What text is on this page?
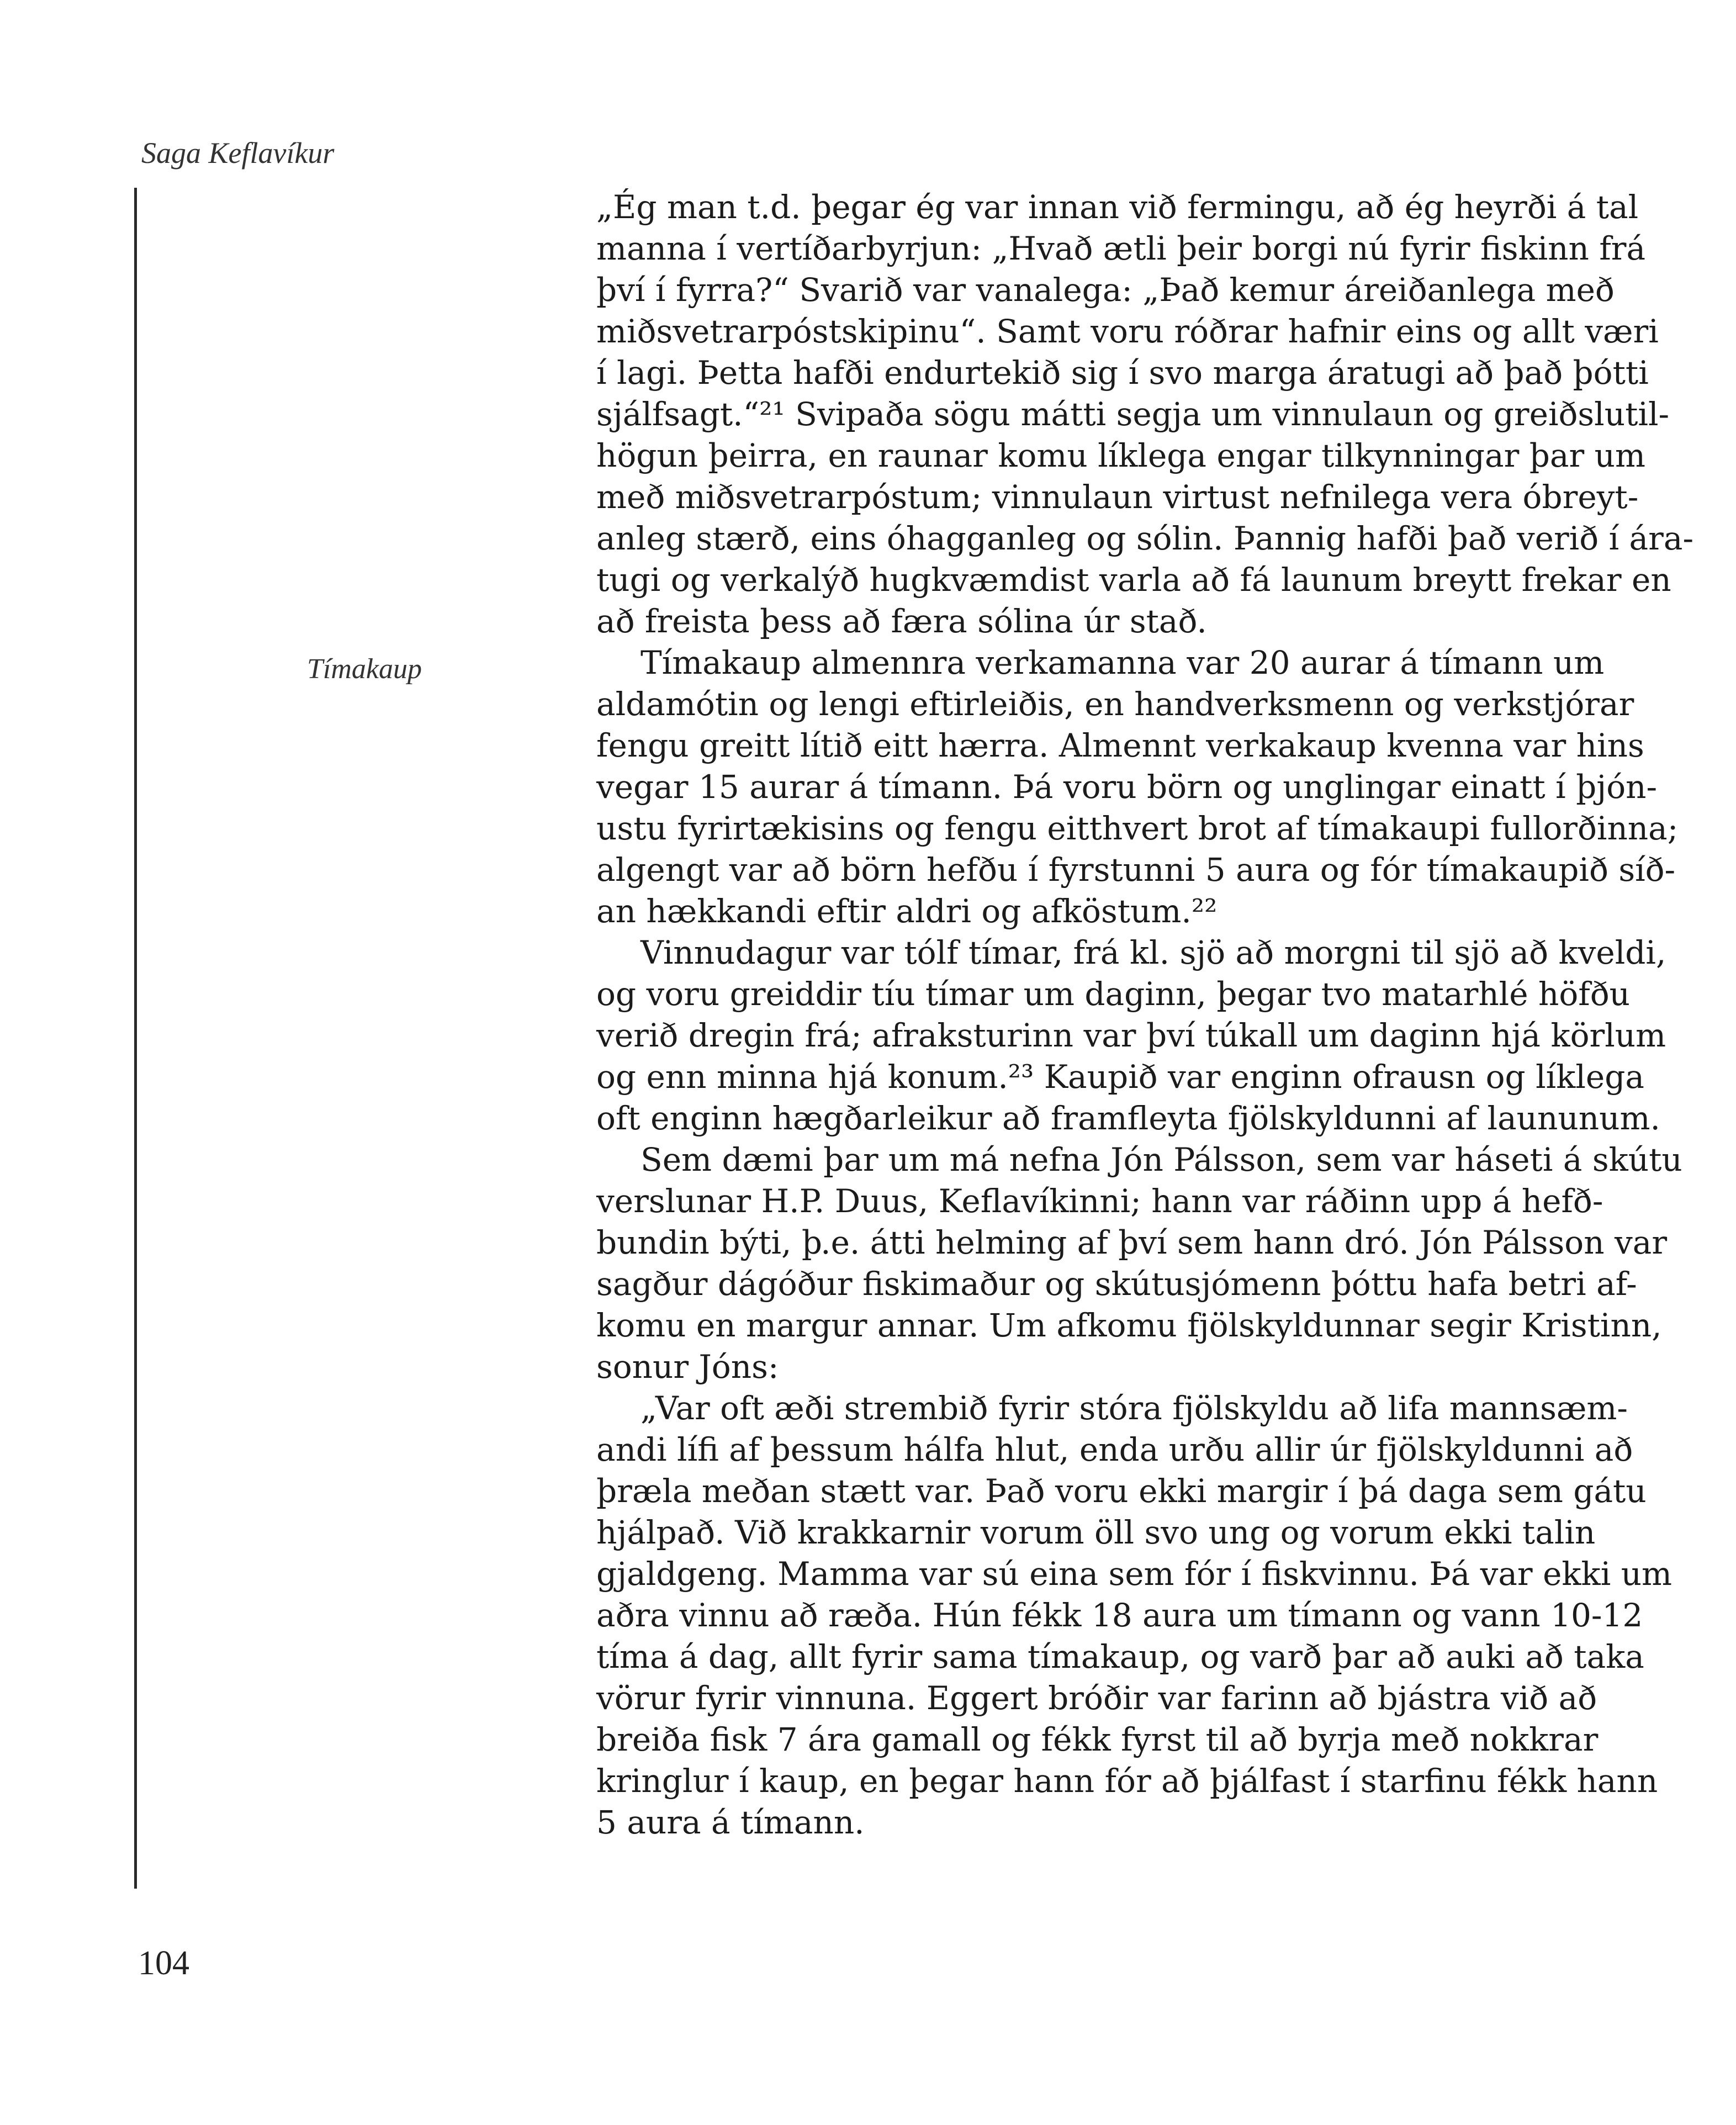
Saga Keflavíkur
Tímakaup
„Ég man t.d. þegar ég var innan við fermingu, að ég heyrði á tal
manna í vertíðarbyrjun: „Hvað ætli þeir borgi nú fyrir fiskinn frá
því í fyrra?“ Svarið var vanalega: „Það kemur áreiðanlega með
miðsvetrarpóstskipinu“. Samt voru róðrar hafnir eins og allt væri
í lagi. Þetta hafði endurtekið sig í svo marga áratugi að það þótti
sjálfsagt.“²¹ Svipaða sögu mátti segja um vinnulaun og greiðslutil-
högun þeirra, en raunar komu líklega engar tilkynningar þar um
með miðsvetrarpóstum; vinnulaun virtust nefnilega vera óbreyt-
anleg stærð, eins óhagganleg og sólin. Þannig hafði það verið í ára-
tugi og verkalýð hugkvæmdist varla að fá launum breytt frekar en
að freista þess að færa sólina úr stað.
Tímakaup almennra verkamanna var 20 aurar á tímann um
aldamótin og lengi eftirleiðis, en handverksmenn og verkstjórar
fengu greitt lítið eitt hærra. Almennt verkakaup kvenna var hins
vegar 15 aurar á tímann. Þá voru börn og unglingar einatt í þjón-
ustu fyrirtækisins og fengu eitthvert brot af tímakaupi fullorðinna;
algengt var að börn hefðu í fyrstunni 5 aura og fór tímakaupið síð-
an hækkandi eftir aldri og afköstum.²²
Vinnudagur var tólf tímar, frá kl. sjö að morgni til sjö að kveldi,
og voru greiddir tíu tímar um daginn, þegar tvo matarhlé höfðu
verið dregin frá; afraksturinn var því túkall um daginn hjá körlum
og enn minna hjá konum.²³ Kaupið var enginn ofrausn og líklega
oft enginn hægðarleikur að framfleyta fjölskyldunni af laununum.
Sem dæmi þar um má nefna Jón Pálsson, sem var háseti á skútu
verslunar H.P. Duus, Keflavíkinni; hann var ráðinn upp á hefð-
bundin býti, þ.e. átti helming af því sem hann dró. Jón Pálsson var
sagður dágóður fiskimaður og skútusjómenn þóttu hafa betri af-
komu en margur annar. Um afkomu fjölskyldunnar segir Kristinn,
sonur Jóns:
„Var oft æði strembið fyrir stóra fjölskyldu að lifa mannsæm-
andi lífi af þessum hálfa hlut, enda urðu allir úr fjölskyldunni að
þræla meðan stætt var. Það voru ekki margir í þá daga sem gátu
hjálpað. Við krakkarnir vorum öll svo ung og vorum ekki talin
gjaldgeng. Mamma var sú eina sem fór í fiskvinnu. Þá var ekki um
aðra vinnu að ræða. Hún fékk 18 aura um tímann og vann 10-12
tíma á dag, allt fyrir sama tímakaup, og varð þar að auki að taka
vörur fyrir vinnuna. Eggert bróðir var farinn að bjástra við að
breiða fisk 7 ára gamall og fékk fyrst til að byrja með nokkrar
kringlur í kaup, en þegar hann fór að þjálfast í starfinu fékk hann
5 aura á tímann.
104
